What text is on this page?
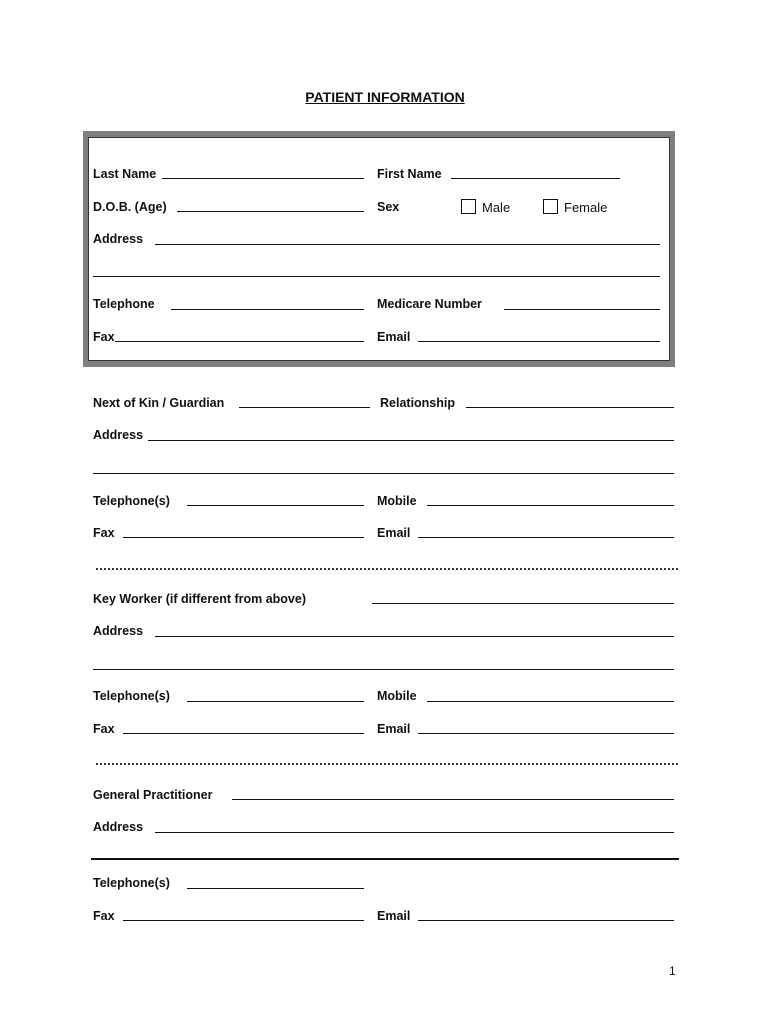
PATIENT INFORMATION
Last Name	First Name
D.O.B. (Age)	Sex	Male	Female
Address
Telephone	Medicare Number
Fax	Email
Next of Kin / Guardian	Relationship
Address
Telephone(s)	Mobile
Fax	Email
Key Worker (if different from above)
Address
Telephone(s)	Mobile
Fax	Email
General Practitioner
Address
Telephone(s)
Fax	Email
1
